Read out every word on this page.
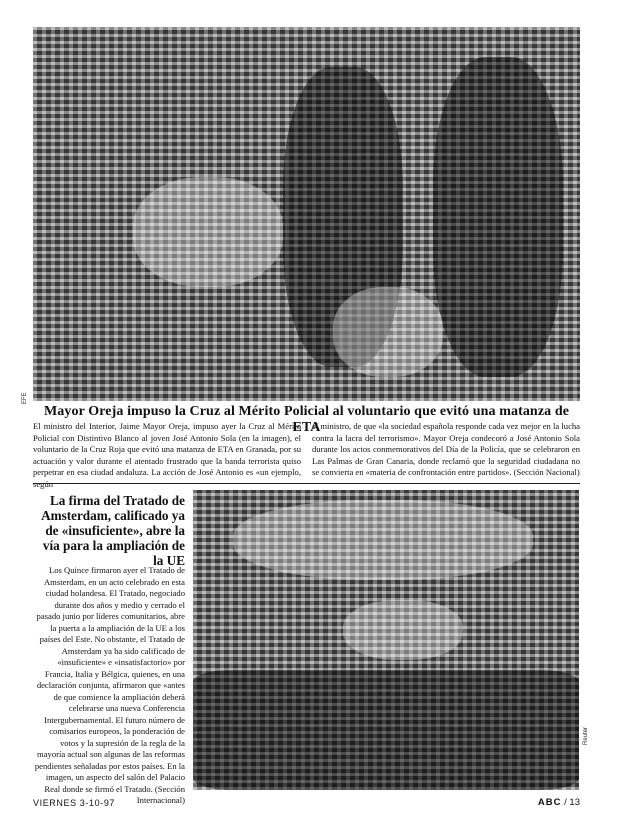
EFE
Mayor Oreja impuso la Cruz al Mérito Policial al voluntario que evitó una matanza de ETA

El ministro del Interior, Jaime Mayor Oreja, impuso ayer la Cruz al Mérito Policial con Distintivo Blanco al joven José Antonio Sola (en la imagen), el voluntario de la Cruz Roja que evitó una matanza de ETA en Granada, por su actuación y valor durante el atentado frustrado que la banda terrorista quiso perpetrar en esa ciudad andaluza. La acción de José Antonio es «un ejemplo,

el ministro, de que «la sociedad española responde cada vez mejor en la lucha contra la lacra del terrorismo». Mayor Oreja condecoró a José Antonio Sola durante los actos conmemorativos del Día de la Policía, que se celebraron en Las Palmas de Gran Canaria, donde reclamó que la seguridad ciudadana no se convierta en «materia de confrontación entre partidos». (Sección Nacional)

La firma del Tratado de Amsterdam, calificado ya de «insuficiente», abre la vía para la ampliación de la UE

Los Quince firmaron ayer el Tratado de Amsterdam, en un acto celebrado en esta ciudad holandesa. El Tratado, negociado durante dos años y medio y cerrado el pasado junio por líderes comunitarios, abre la puerta a la ampliación de la UE a los países del Este. No obstante, el Tratado de Amsterdam ya ha sido calificado de «insuficiente» e «insatisfactorio» por Francia, Italia y Bélgica, quienes, en una declaración conjunta, afirmaron que «antes de que comience la ampliación deberá celebrarse una nueva Conferencia Intergubernamental. El futuro número de comisarios europeos, la ponderación de votos y la supresión de la regla de la mayoría actual son algunas de las reformas pendientes señaladas por estos países. En la imagen, un aspecto del salón del Palacio Real donde se firmó el Tratado. (Sección Internacional)

Reuter
VIERNES 3-10-97	ABC / 13
